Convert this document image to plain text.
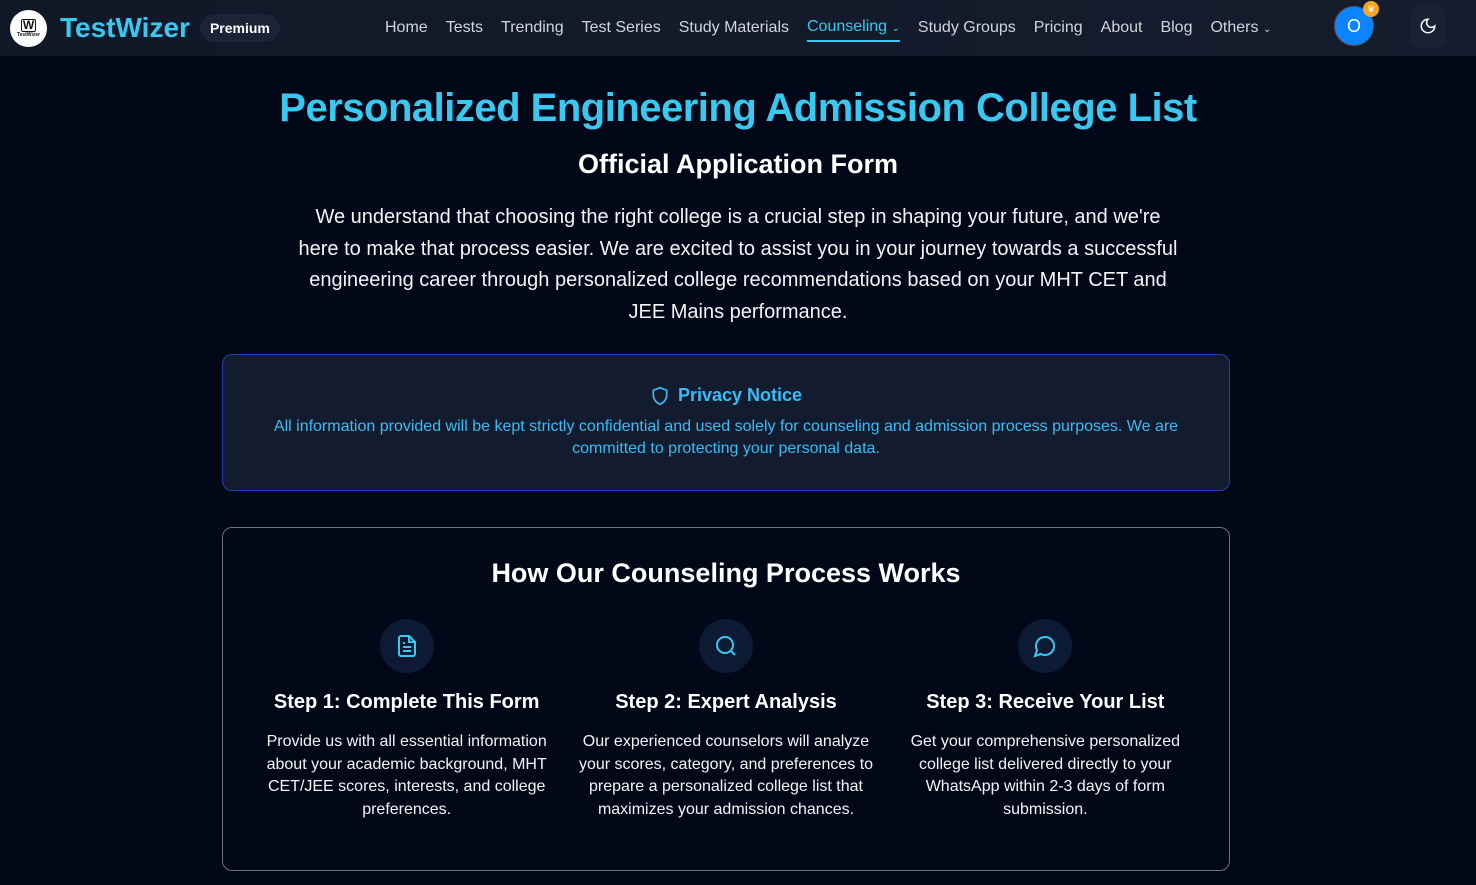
W
TestWizer TestWizer	Premium	Home Tests Trending Test Series Study Materials Counseling ⌄ Study Groups Pricing About Blog Others ⌄	O
♛
Personalized Engineering Admission College List
Official Application Form

We understand that choosing the right college is a crucial step in shaping your future, and we're here to make that process easier. We are excited to assist you in your journey towards a successful engineering career through personalized college recommendations based on your MHT CET and JEE Mains performance.

Privacy Notice

All information provided will be kept strictly confidential and used solely for counseling and admission process purposes. We are committed to protecting your personal data.

How Our Counseling Process Works
Step 1: Complete This Form

Provide us with all essential information about your academic background, MHT CET/JEE scores, interests, and college preferences.

Step 2: Expert Analysis

Our experienced counselors will analyze your scores, category, and preferences to prepare a personalized college list that maximizes your admission chances.

Step 3: Receive Your List

Get your comprehensive personalized college list delivered directly to your WhatsApp within 2-3 days of form submission.
